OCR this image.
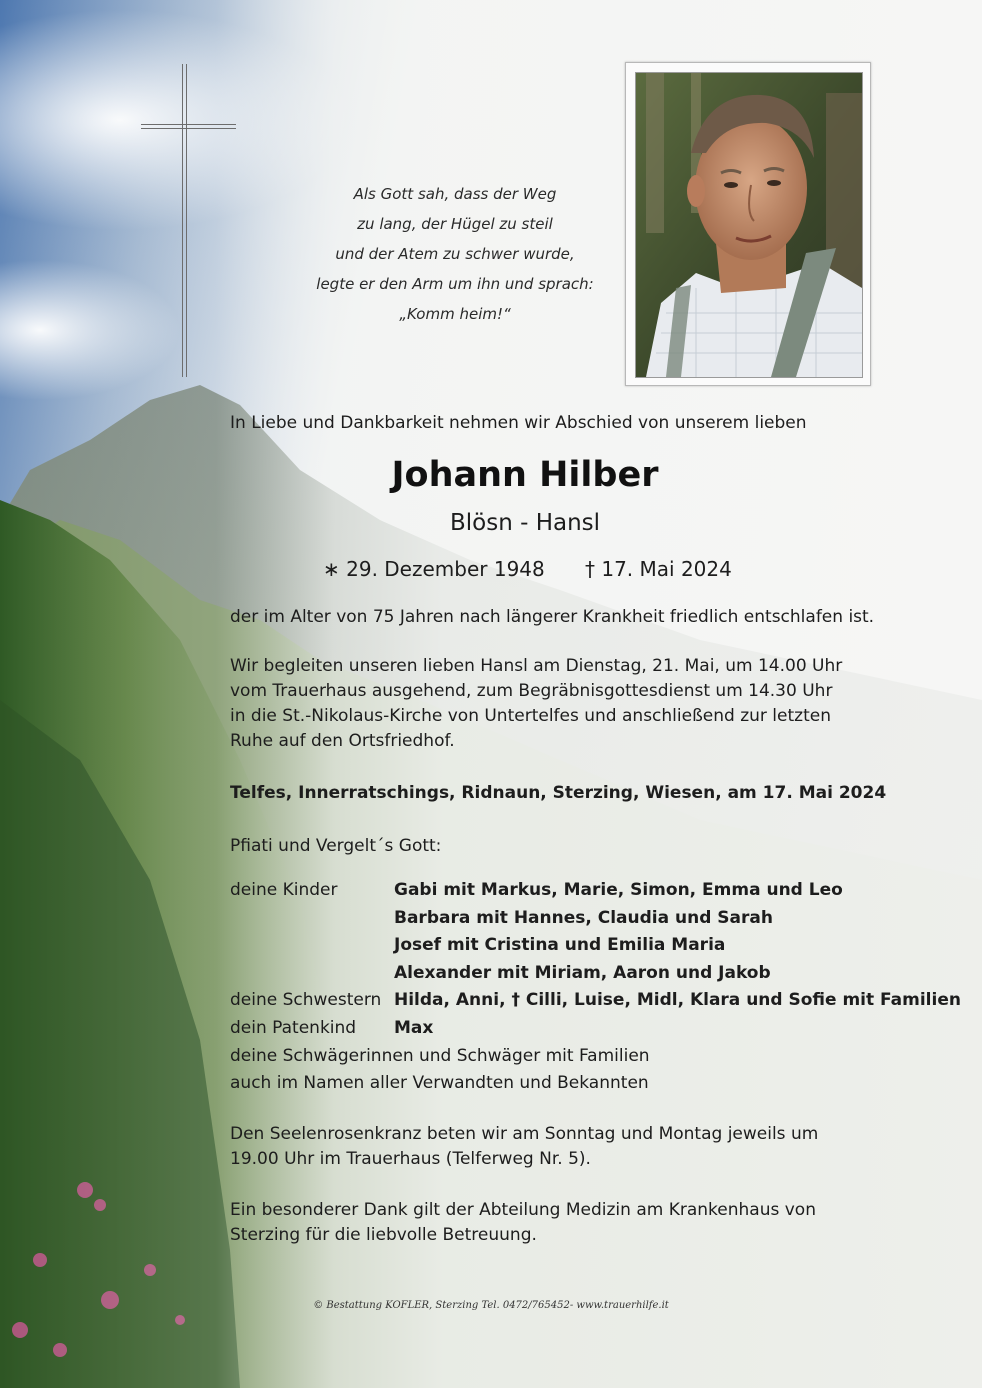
Als Gott sah, dass der Weg
zu lang, der Hügel zu steil
und der Atem zu schwer wurde,
legte er den Arm um ihn und sprach:
„Komm heim!“
In Liebe und Dankbarkeit nehmen wir Abschied von unserem lieben
Johann Hilber
Blösn - Hansl
∗ 29. Dezember 1948 † 17. Mai 2024
der im Alter von 75 Jahren nach längerer Krankheit friedlich entschlafen ist.
Wir begleiten unseren lieben Hansl am Dienstag, 21. Mai, um 14.00 Uhr
vom Trauerhaus ausgehend, zum Begräbnisgottesdienst um 14.30 Uhr
in die St.-Nikolaus-Kirche von Untertelfes und anschließend zur letzten
Ruhe auf den Ortsfriedhof.
Telfes, Innerratschings, Ridnaun, Sterzing, Wiesen, am 17. Mai 2024
Pfiati und Vergelt´s Gott:
deine Kinder	Gabi mit Markus, Marie, Simon, Emma und Leo
Barbara mit Hannes, Claudia und Sarah
Josef mit Cristina und Emilia Maria
Alexander mit Miriam, Aaron und Jakob
deine Schwestern Hilda, Anni, † Cilli, Luise, Midl, Klara und Sofie mit Familien
dein Patenkind Max
deine Schwägerinnen und Schwäger mit Familien
auch im Namen aller Verwandten und Bekannten
Den Seelenrosenkranz beten wir am Sonntag und Montag jeweils um
19.00 Uhr im Trauerhaus (Telferweg Nr. 5).
Ein besonderer Dank gilt der Abteilung Medizin am Krankenhaus von
Sterzing für die liebvolle Betreuung.
© Bestattung KOFLER, Sterzing Tel. 0472/765452- www.trauerhilfe.it
